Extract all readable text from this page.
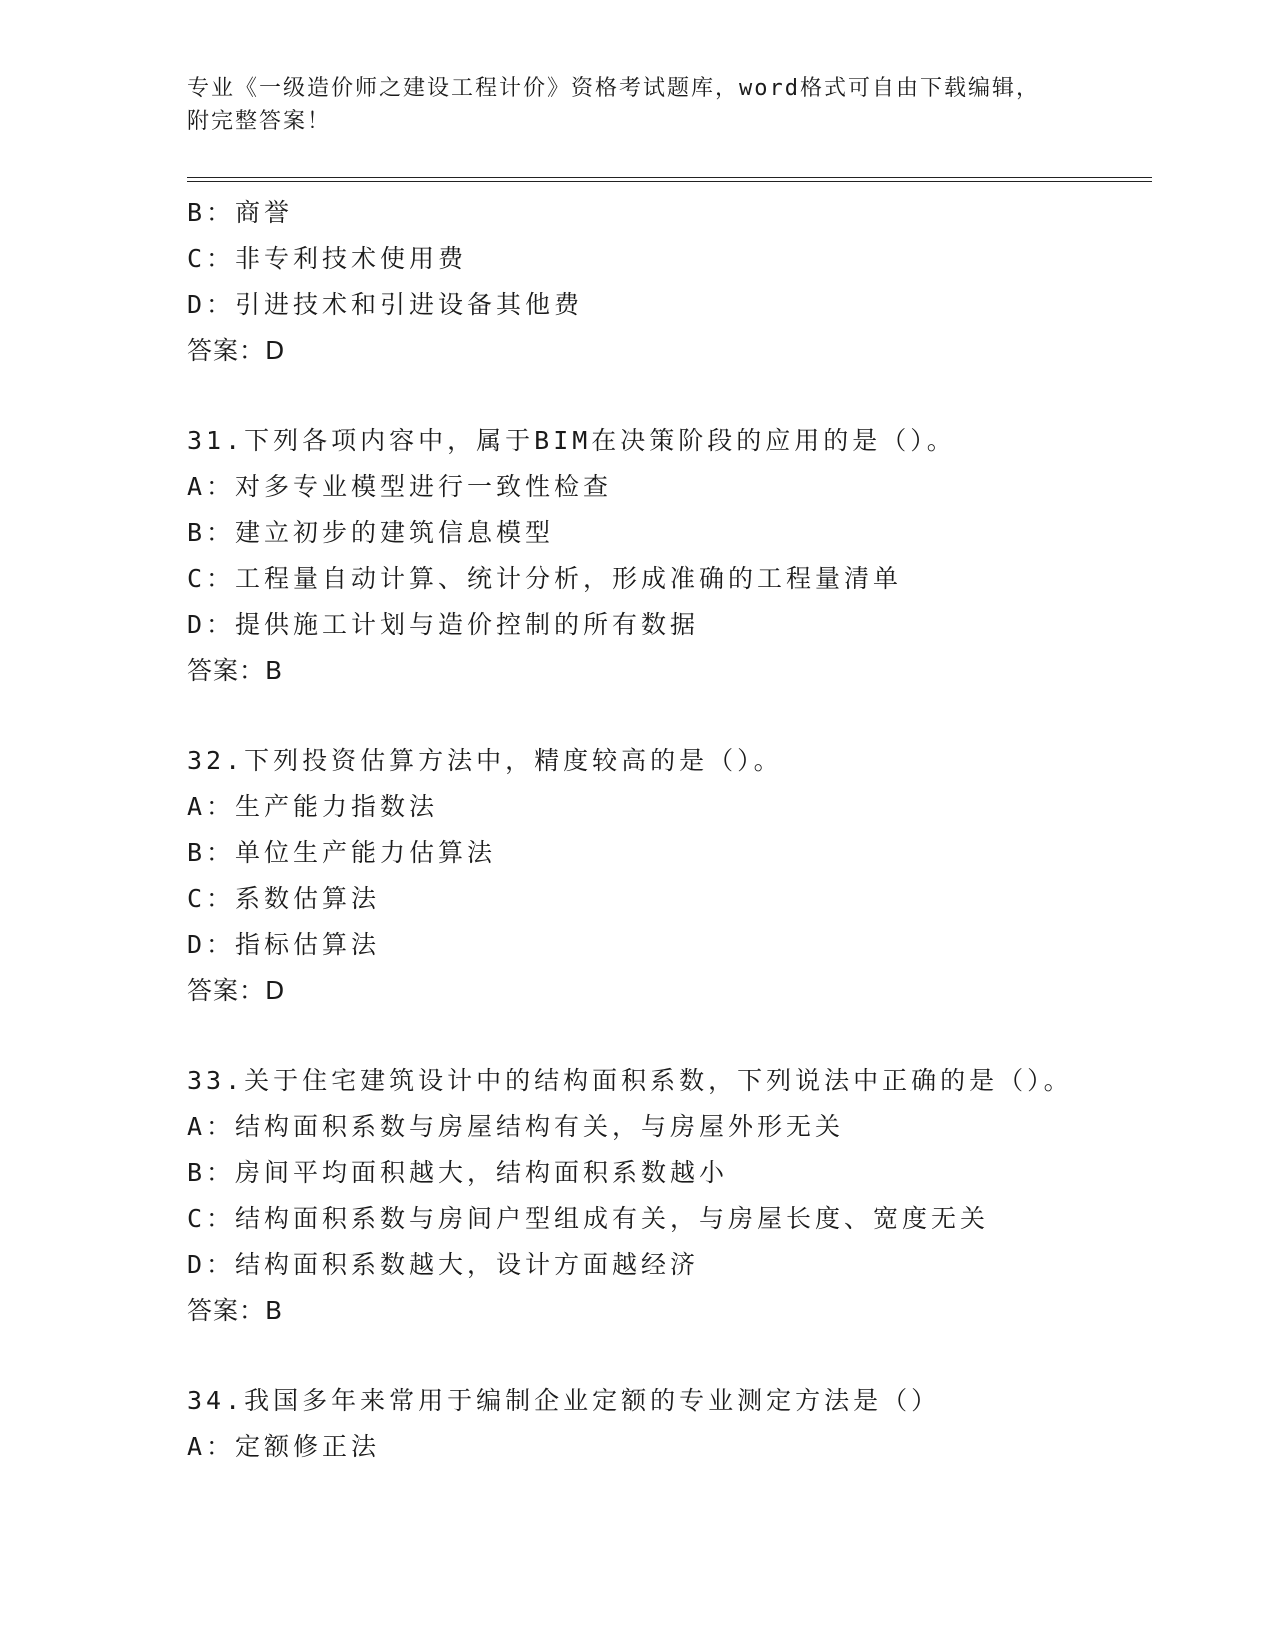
专业《一级造价师之建设工程计价》资格考试题库，word格式可自由下载编辑，
附完整答案！
B：商誉
C：非专利技术使用费
D：引进技术和引进设备其他费
答案：D
31.下列各项内容中，属于BIM在决策阶段的应用的是（）。
A：对多专业模型进行一致性检查
B：建立初步的建筑信息模型
C：工程量自动计算、统计分析，形成准确的工程量清单
D：提供施工计划与造价控制的所有数据
答案：B
32.下列投资估算方法中，精度较高的是（）。
A：生产能力指数法
B：单位生产能力估算法
C：系数估算法
D：指标估算法
答案：D
33.关于住宅建筑设计中的结构面积系数，下列说法中正确的是（）。
A：结构面积系数与房屋结构有关，与房屋外形无关
B：房间平均面积越大，结构面积系数越小
C：结构面积系数与房间户型组成有关，与房屋长度、宽度无关
D：结构面积系数越大，设计方面越经济
答案：B
34.我国多年来常用于编制企业定额的专业测定方法是（）
A：定额修正法
